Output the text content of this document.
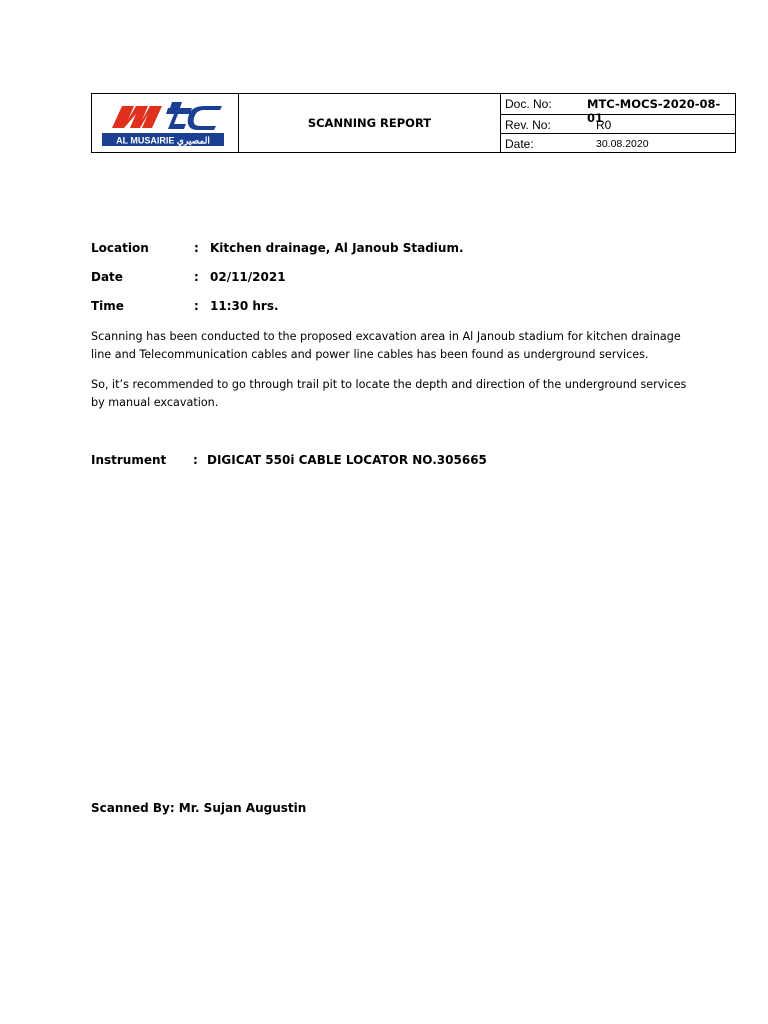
AL MUSAIRIE المصيري
SCANNING REPORT
Doc. No:	MTC-MOCS-2020-08-01
Rev. No:	R0
Date:	30.08.2020
Location	: Kitchen drainage, Al Janoub Stadium.
Date	: 02/11/2021
Time	: 11:30 hrs.
Scanning has been conducted to the proposed excavation area in Al Janoub stadium for kitchen drainage line and Telecommunication cables and power line cables has been found as underground services.
So, it’s recommended to go through trail pit to locate the depth and direction of the underground services by manual excavation.
Instrument : DIGICAT 550i CABLE LOCATOR NO.305665
Scanned By: Mr. Sujan Augustin
